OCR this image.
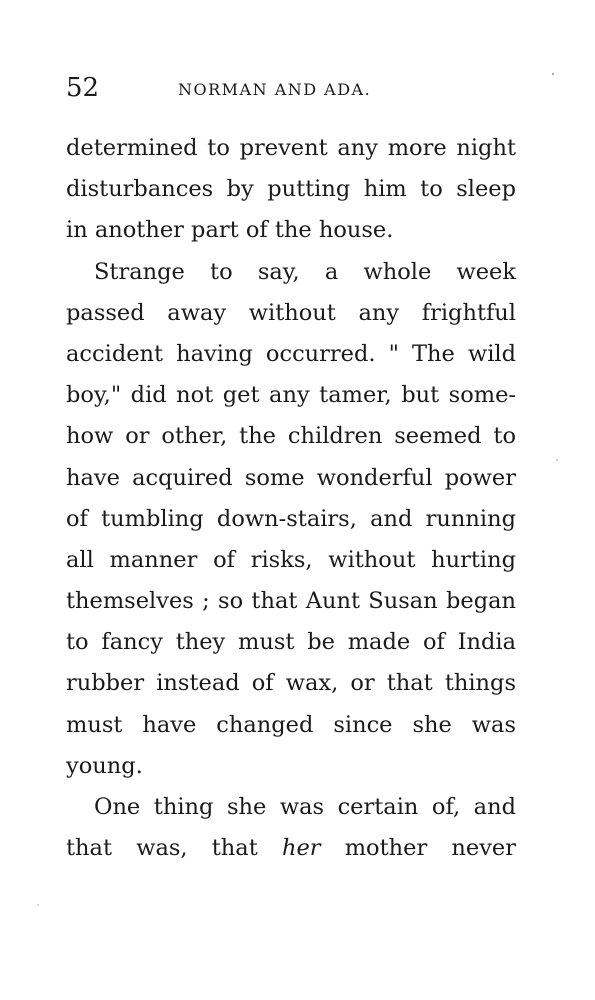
52	NORMAN AND ADA.
determined to prevent any more night
disturbances by putting him to sleep
in another part of the house.
Strange to say, a whole week
passed away without any frightful
accident having occurred. " The wild
boy," did not get any tamer, but some-
how or other, the children seemed to
have acquired some wonderful power
of tumbling down-stairs, and running
all manner of risks, without hurting
themselves ; so that Aunt Susan began
to fancy they must be made of India
rubber instead of wax, or that things
must have changed since she was
young.
One thing she was certain of, and
that was, that her mother never
